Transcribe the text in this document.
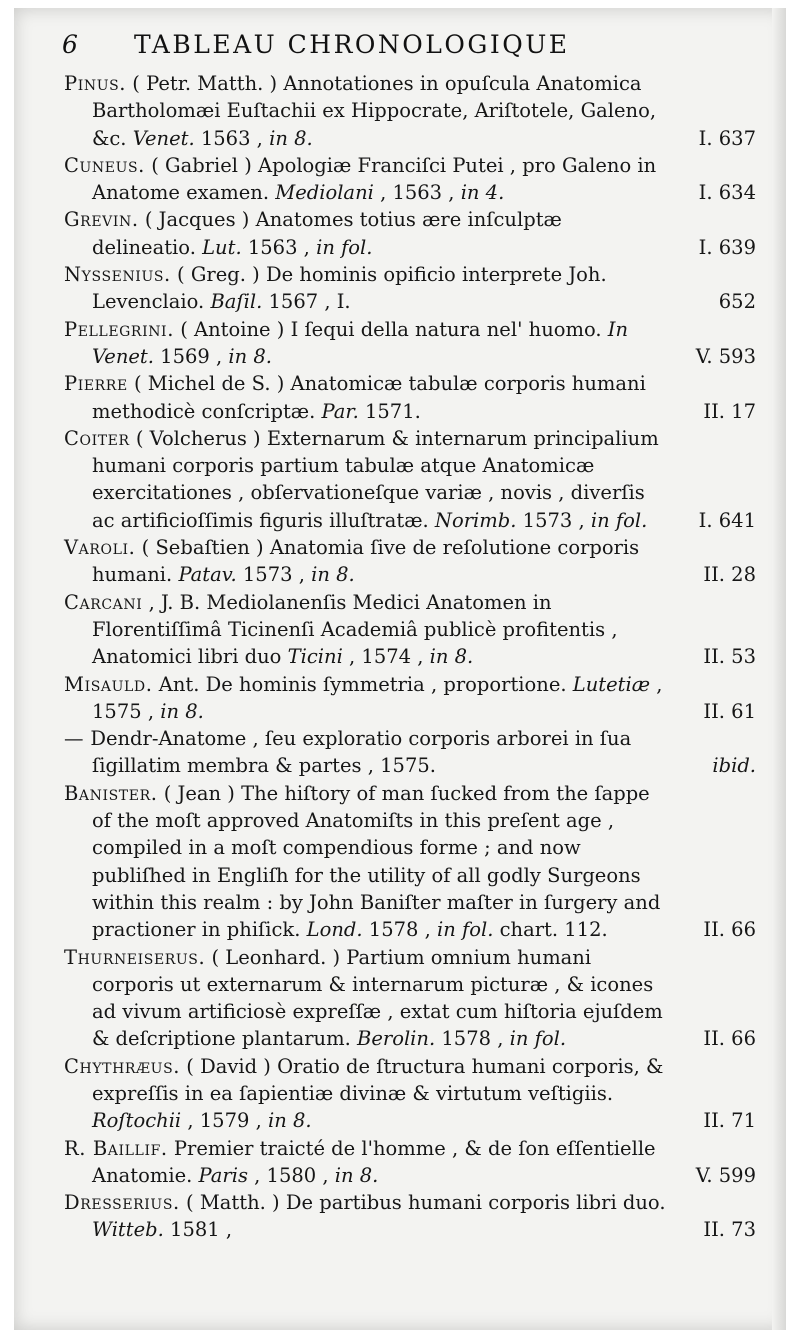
6 TABLEAU CHRONOLOGIQUE
Pinus. ( Petr. Matth. ) Annotationes in opuſcula Anatomica Bartholomæi Euſtachii ex Hippocrate, Ariſtotele, Galeno, &c. Venet. 1563 , in 8.	I. 637
Cuneus. ( Gabriel ) Apologiæ Franciſci Putei , pro Galeno in Anatome examen. Mediolani , 1563 , in 4.	I. 634
Grevin. ( Jacques ) Anatomes totius ære inſculptæ delineatio. Lut. 1563 , in fol.	I. 639
Nyssenius. ( Greg. ) De hominis opificio interprete Joh. Levenclaio. Baſil. 1567 , I.	652
Pellegrini. ( Antoine ) I ſequi della natura nel' huomo. In Venet. 1569 , in 8.	V. 593
Pierre ( Michel de S. ) Anatomicæ tabulæ corporis humani methodicè conſcriptæ. Par. 1571.	II. 17
Coiter ( Volcherus ) Externarum & internarum principalium humani corporis partium tabulæ atque Anatomicæ exercitationes , obſervationeſque variæ , novis , diverſis ac artificioſſimis figuris illuſtratæ. Norimb. 1573 , in fol.	I. 641
Varoli. ( Sebaſtien ) Anatomia ſive de reſolutione corporis humani. Patav. 1573 , in 8.	II. 28
Carcani , J. B. Mediolanenſis Medici Anatomen in Florentiſſimâ Ticinenſi Academiâ publicè profitentis , Anatomici libri duo Ticini , 1574 , in 8.	II. 53
Misauld. Ant. De hominis ſymmetria , proportione. Lutetiæ , 1575 , in 8.	II. 61
— Dendr-Anatome , ſeu exploratio corporis arborei in ſua ſigillatim membra & partes , 1575.	ibid.
Banister. ( Jean ) The hiſtory of man ſucked from the ſappe of the moſt approved Anatomiſts in this preſent age , compiled in a moſt compendious forme ; and now publiſhed in Engliſh for the utility of all godly Surgeons within this realm : by John Baniſter maſter in ſurgery and practioner in phiſick. Lond. 1578 , in fol. chart. 112.	II. 66
Thurneiserus. ( Leonhard. ) Partium omnium humani corporis ut externarum & internarum picturæ , & icones ad vivum artificiosè expreſſæ , extat cum hiſtoria ejuſdem & deſcriptione plantarum. Berolin. 1578 , in fol.	II. 66
Chythræus. ( David ) Oratio de ſtructura humani corporis, & expreſſis in ea ſapientiæ divinæ & virtutum veſtigiis. Roſtochii , 1579 , in 8.	II. 71
R. Baillif. Premier traicté de l'homme , & de ſon eſſentielle Anatomie. Paris , 1580 , in 8.	V. 599
Dresserius. ( Matth. ) De partibus humani corporis libri duo. Witteb. 1581 ,	II. 73
